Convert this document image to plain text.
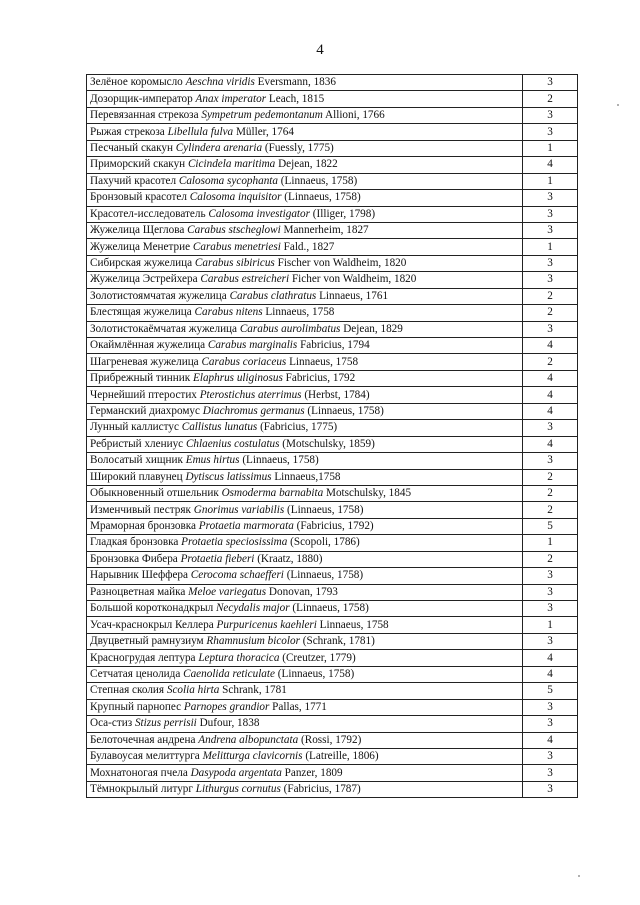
4
Зелёное коромысло Aeschna viridis Eversmann, 1836	3
Дозорщик-император Anax imperator Leach, 1815	2
Перевязанная стрекоза Sympetrum pedemontanum Allioni, 1766	3
Рыжая стрекоза Libellula fulva Müller, 1764	3
Песчаный скакун Cylindera arenaria (Fuessly, 1775)	1
Приморский скакун Cicindela maritima Dejean, 1822	4
Пахучий красотел Calosoma sycophanta (Linnaeus, 1758)	1
Бронзовый красотел Calosoma inquisitor (Linnaeus, 1758)	3
Красотел-исследователь Calosoma investigator (Illiger, 1798)	3
Жужелица Щеглова Carabus stscheglowi Mannerheim, 1827	3
Жужелица Менетрие Carabus menetriesi Fald., 1827	1
Сибирская жужелица Carabus sibiricus Fischer von Waldheim, 1820	3
Жужелица Эстрейхера Carabus estreicheri Ficher von Waldheim, 1820	3
Золотистоямчатая жужелица Carabus clathratus Linnaeus, 1761	2
Блестящая жужелица Carabus nitens Linnaeus, 1758	2
Золотистокаёмчатая жужелица Carabus aurolimbatus Dejean, 1829	3
Окаймлённая жужелица Carabus marginalis Fabricius, 1794	4
Шагреневая жужелица Carabus coriaceus Linnaeus, 1758	2
Прибрежный тинник Elaphrus uliginosus Fabricius, 1792	4
Чернейший птеростих Pterostichus aterrimus (Herbst, 1784)	4
Германский диахромус Diachromus germanus (Linnaeus, 1758)	4
Лунный каллистус Callistus lunatus (Fabricius, 1775)	3
Ребристый хлениус Chlaenius costulatus (Motschulsky, 1859)	4
Волосатый хищник Emus hirtus (Linnaeus, 1758)	3
Широкий плавунец Dytiscus latissimus Linnaeus,1758	2
Обыкновенный отшельник Osmoderma barnabita Motschulsky, 1845	2
Изменчивый пестряк Gnorimus variabilis (Linnaeus, 1758)	2
Мраморная бронзовка Protaetia marmorata (Fabricius, 1792)	5
Гладкая бронзовка Protaetia speciosissima (Scopoli, 1786)	1
Бронзовка Фибера Protaetia fieberi (Kraatz, 1880)	2
Нарывник Шеффера Cerocoma schaefferi (Linnaeus, 1758)	3
Разноцветная майка Meloe variegatus Donovan, 1793	3
Большой коротконадкрыл Necydalis major (Linnaeus, 1758)	3
Усач-краснокрыл Келлера Purpuricenus kaehleri Linnaeus, 1758	1
Двуцветный рамнузиум Rhamnusium bicolor (Schrank, 1781)	3
Красногрудая лептура Leptura thoracica (Creutzer, 1779)	4
Сетчатая ценолида Caenolida reticulate (Linnaeus, 1758)	4
Степная сколия Scolia hirta Schrank, 1781	5
Крупный парнопес Parnopes grandior Pallas, 1771	3
Оса-стиз Stizus perrisii Dufour, 1838	3
Белоточечная андрена Andrena albopunctata (Rossi, 1792)	4
Булавоусая мелиттурга Melitturga clavicornis (Latreille, 1806)	3
Мохнатоногая пчела Dasypoda argentata Panzer, 1809	3
Тёмнокрылый литург Lithurgus cornutus (Fabricius, 1787)	3
